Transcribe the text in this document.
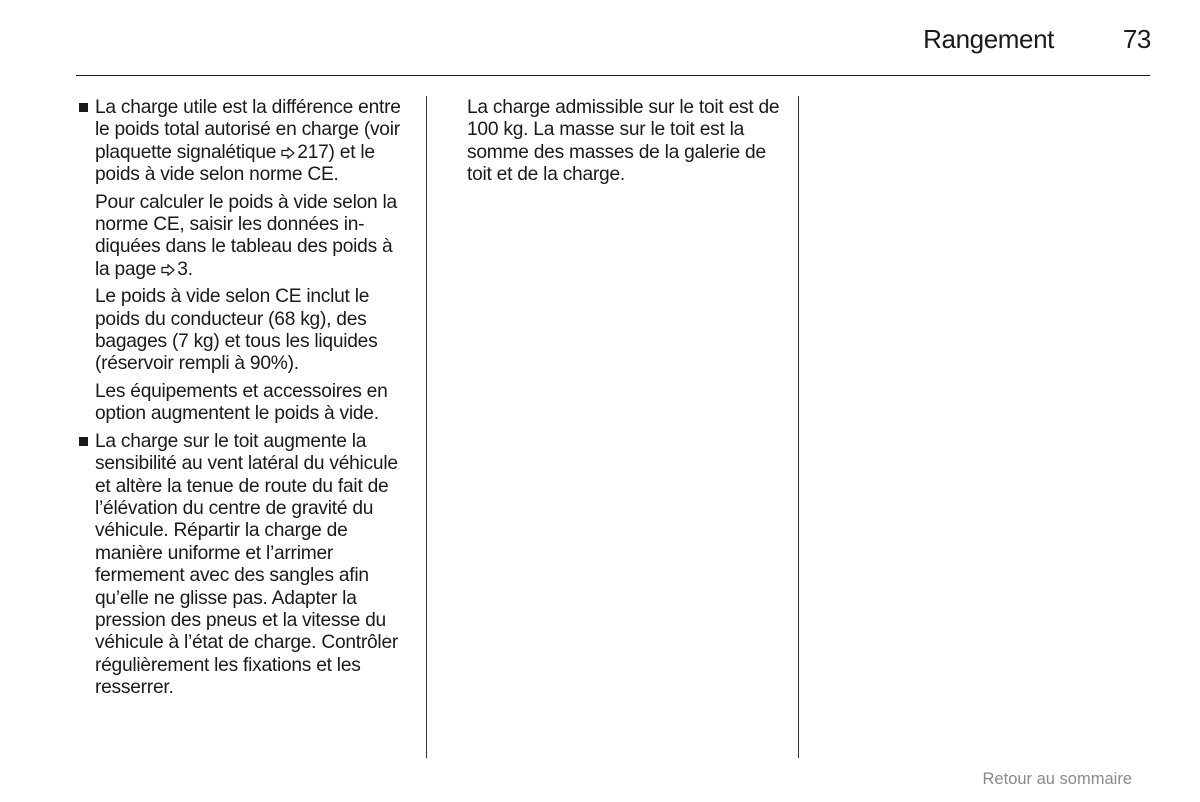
Rangement	73

La charge utile est la différence entre le poids total autorisé en charge (voir plaquette signalétique 217) et le poids à vide selon norme CE.

Pour calculer le poids à vide selon la norme CE, saisir les données indiquées dans le tableau des poids à la page 3.

Le poids à vide selon CE inclut le poids du conducteur (68 kg), des bagages (7 kg) et tous les liquides (réservoir rempli à 90%).

Les équipements et accessoires en option augmentent le poids à vide.

La charge sur le toit augmente la sensibilité au vent latéral du véhicule et altère la tenue de route du fait de l’élévation du centre de gravité du véhicule. Répartir la charge de manière uniforme et l’arrimer fermement avec des sangles afin qu’elle ne glisse pas. Adapter la pression des pneus et la vitesse du véhicule à l’état de charge. Contrôler régulièrement les fixations et les resserrer.

La charge admissible sur le toit est de 100 kg. La masse sur le toit est la somme des masses de la galerie de toit et de la charge.

Retour au sommaire
